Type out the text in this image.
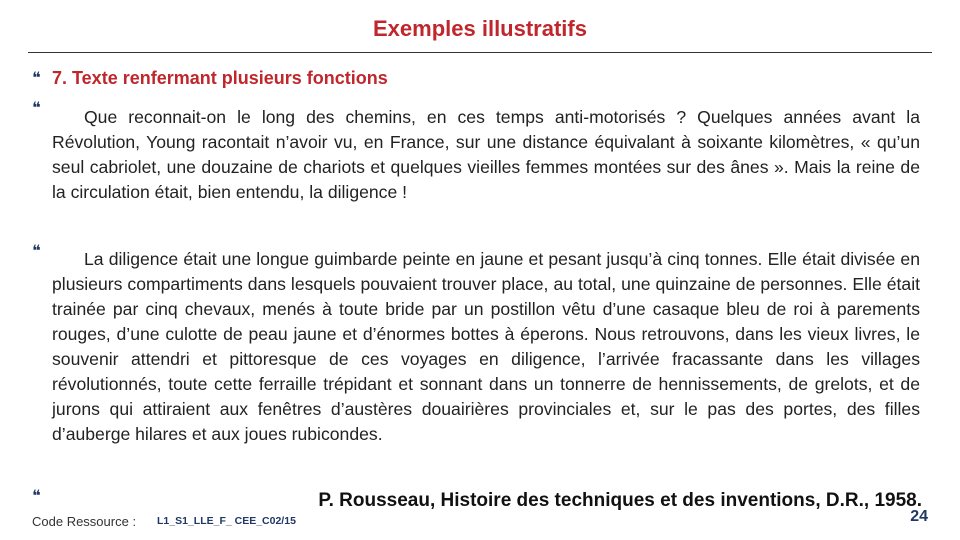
Exemples illustratifs
❝ 7. Texte renfermant plusieurs fonctions
❝	Que reconnait-on le long des chemins, en ces temps anti-motorisés ? Quelques années avant la Révolution, Young racontait n’avoir vu, en France, sur une distance équivalant à soixante kilomètres, « qu’un seul cabriolet, une douzaine de chariots et quelques vieilles femmes montées sur des ânes ». Mais la reine de la circulation était, bien entendu, la diligence !

❝	La diligence était une longue guimbarde peinte en jaune et pesant jusqu’à cinq tonnes. Elle était divisée en plusieurs compartiments dans lesquels pouvaient trouver place, au total, une quinzaine de personnes. Elle était trainée par cinq chevaux, menés à toute bride par un postillon vêtu d’une casaque bleu de roi à parements rouges, d’une culotte de peau jaune et d’énormes bottes à éperons. Nous retrouvons, dans les vieux livres, le souvenir attendri et pittoresque de ces voyages en diligence, l’arrivée fracassante dans les villages révolutionnés, toute cette ferraille trépidant et sonnant dans un tonnerre de hennissements, de grelots, et de jurons qui attiraient aux fenêtres d’austères douairières provinciales et, sur le pas des portes, des filles d’auberge hilares et aux joues rubicondes.

❝	P. Rousseau, Histoire des techniques et des inventions, D.R., 1958.
Code Ressource : L1_S1_LLE_F_ CEE_C02/15	24
